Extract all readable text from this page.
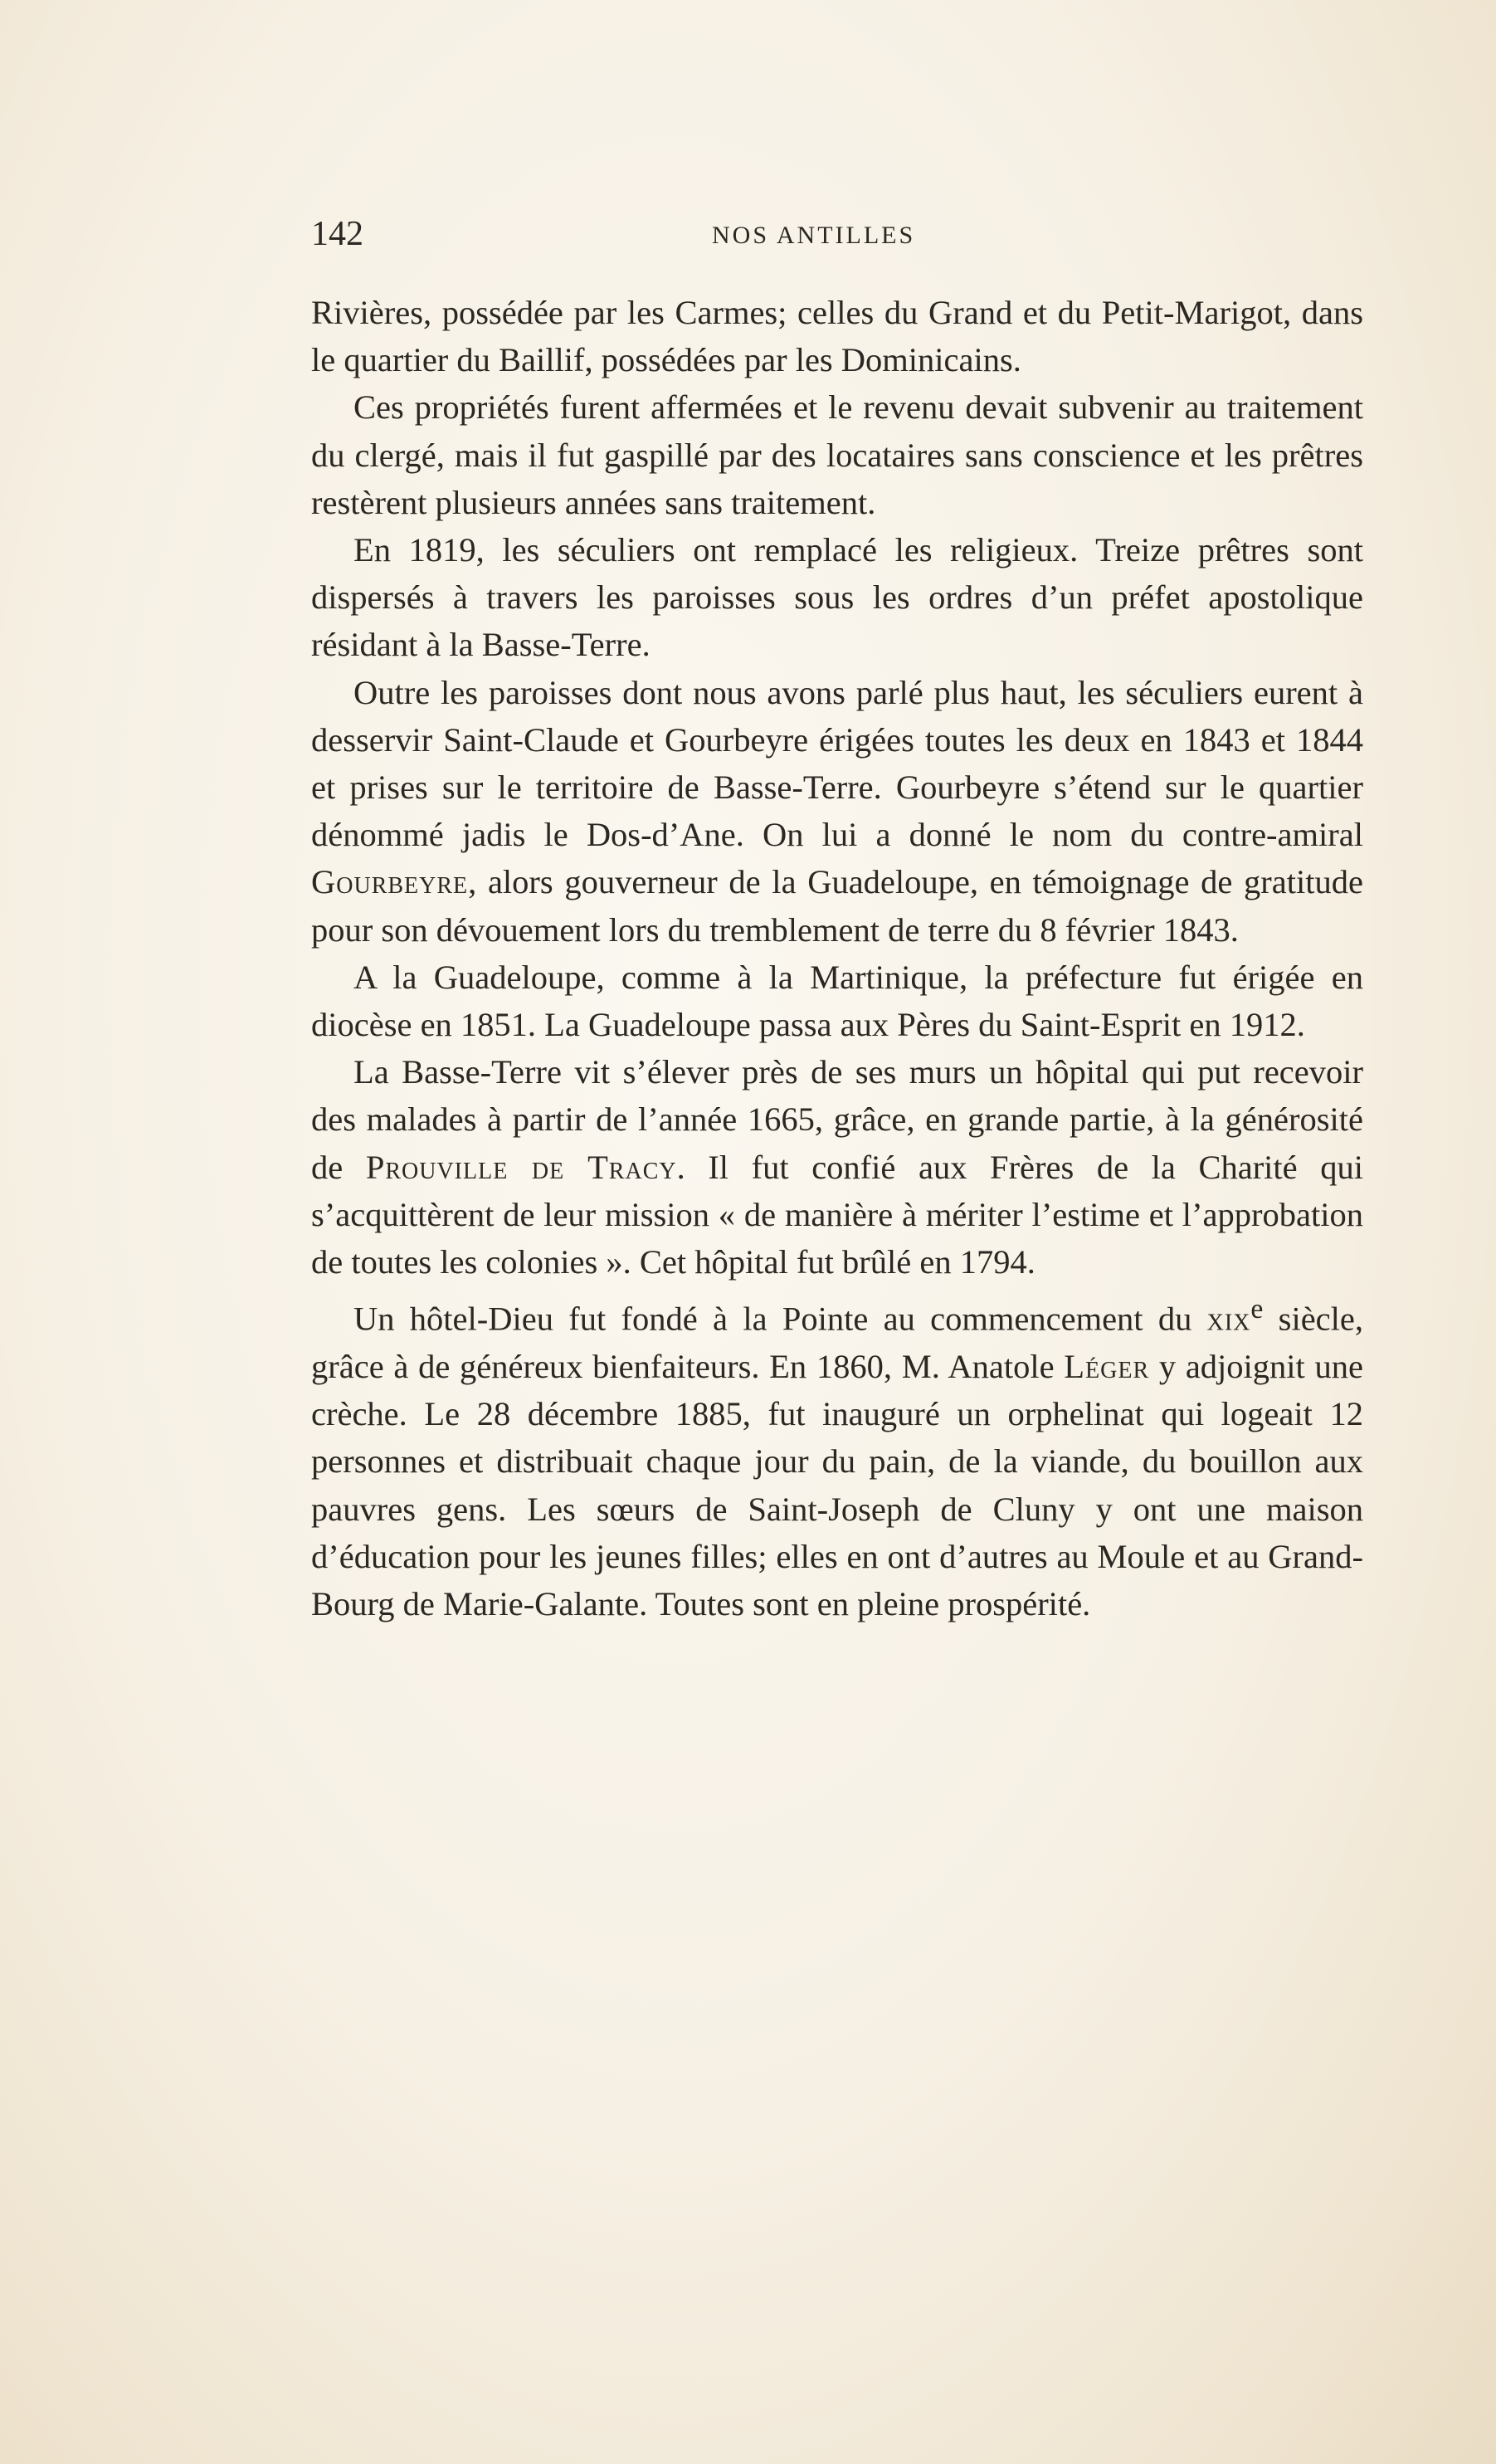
142	NOS ANTILLES

Rivières, possédée par les Carmes; celles du Grand et du Petit-Marigot, dans le quartier du Baillif, possédées par les Dominicains.

Ces propriétés furent affermées et le revenu devait subvenir au traitement du clergé, mais il fut gaspillé par des locataires sans conscience et les prêtres restèrent plusieurs années sans traitement.

En 1819, les séculiers ont remplacé les religieux. Treize prêtres sont dispersés à travers les paroisses sous les ordres d’un préfet apostolique résidant à la Basse-Terre.

Outre les paroisses dont nous avons parlé plus haut, les séculiers eurent à desservir Saint-Claude et Gourbeyre érigées toutes les deux en 1843 et 1844 et prises sur le territoire de Basse-Terre. Gourbeyre s’étend sur le quartier dénommé jadis le Dos-d’Ane. On lui a donné le nom du contre-amiral Gourbeyre, alors gouverneur de la Guadeloupe, en témoignage de gratitude pour son dévouement lors du tremblement de terre du 8 février 1843.

A la Guadeloupe, comme à la Martinique, la préfecture fut érigée en diocèse en 1851. La Guadeloupe passa aux Pères du Saint-Esprit en 1912.

La Basse-Terre vit s’élever près de ses murs un hôpital qui put recevoir des malades à partir de l’année 1665, grâce, en grande partie, à la générosité de Prouville de Tracy. Il fut confié aux Frères de la Charité qui s’acquittèrent de leur mission « de manière à mériter l’estime et l’approbation de toutes les colonies ». Cet hôpital fut brûlé en 1794.

Un hôtel-Dieu fut fondé à la Pointe au commencement du xix$^e$ siècle, grâce à de généreux bienfaiteurs. En 1860, M. Anatole Léger y adjoignit une crèche. Le 28 décembre 1885, fut inauguré un orphelinat qui logeait 12 personnes et distribuait chaque jour du pain, de la viande, du bouillon aux pauvres gens. Les sœurs de Saint-Joseph de Cluny y ont une maison d’éducation pour les jeunes filles; elles en ont d’autres au Moule et au Grand-Bourg de Marie-Galante. Toutes sont en pleine prospérité.
